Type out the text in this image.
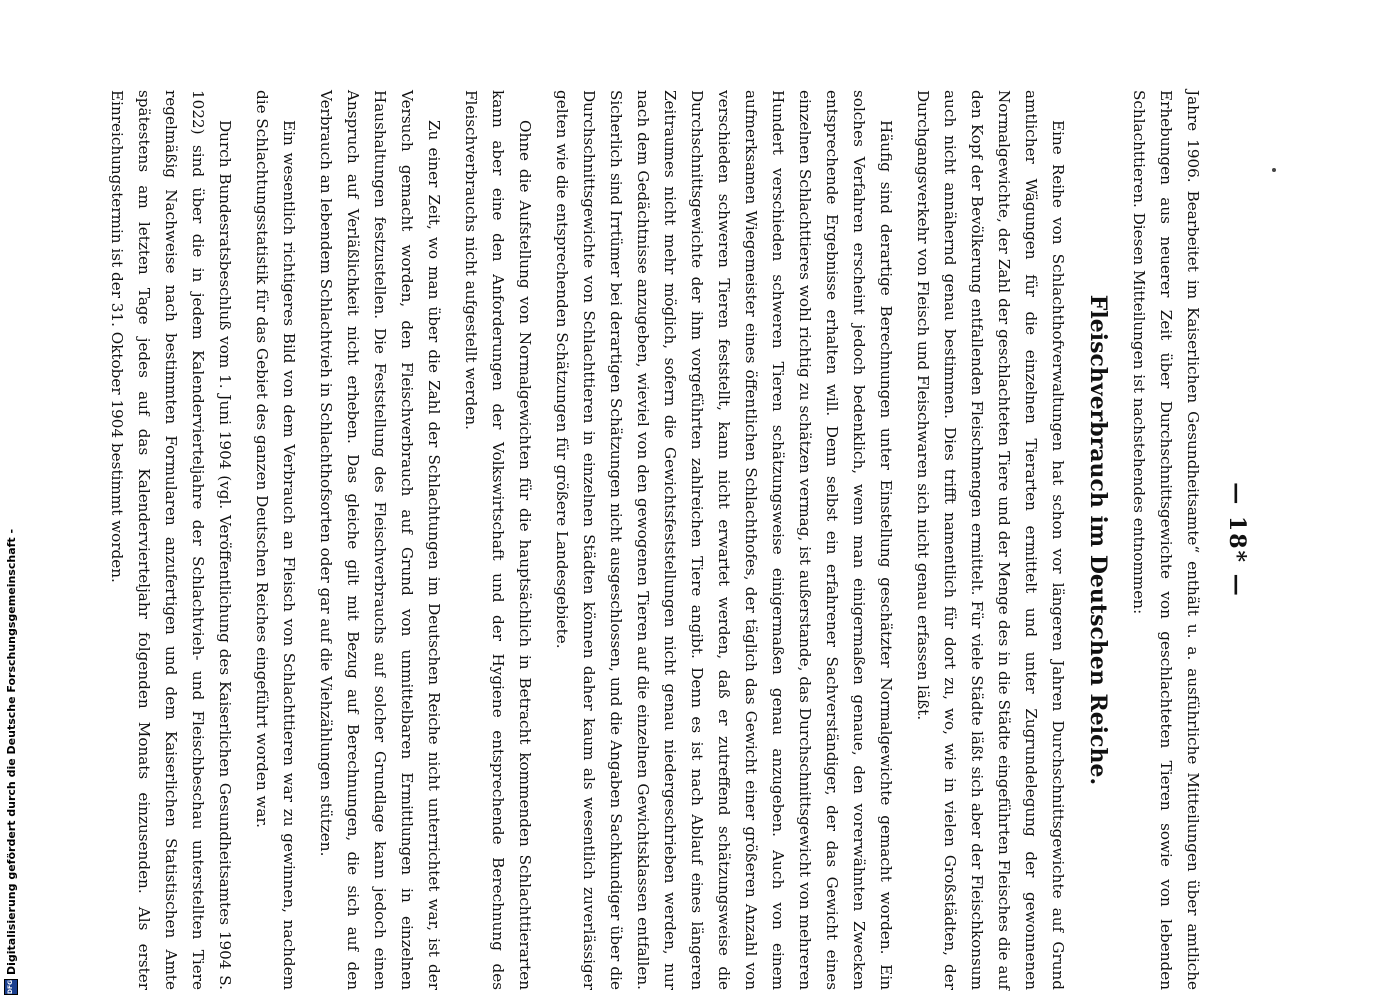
— 18* —

Jahre 1906. Bearbeitet im Kaiserlichen Gesundheitsamte“ enthält u. a. ausführliche Mitteilungen über amtliche Erhebungen aus neuerer Zeit über Durchschnittsgewichte von geschlachteten Tieren sowie von lebenden Schlachttieren. Diesen Mitteilungen ist nachstehendes entnommen:

Fleischverbrauch im Deutschen Reiche.

Eine Reihe von Schlachthofverwaltungen hat schon vor längeren Jahren Durchschnittsgewichte auf Grund amtlicher Wägungen für die einzelnen Tierarten ermittelt und unter Zugrundelegung der gewonnenen Normalgewichte, der Zahl der geschlachteten Tiere und der Menge des in die Städte eingeführten Fleisches die auf den Kopf der Bevölkerung entfallenden Fleischmengen ermittelt. Für viele Städte läßt sich aber der Fleischkonsum auch nicht annähernd genau bestimmen. Dies trifft namentlich für dort zu, wo, wie in vielen Großstädten, der Durchgangsverkehr von Fleisch und Fleischwaren sich nicht genau erfassen läßt.

Häufig sind derartige Berechnungen unter Einstellung geschätzter Normalgewichte gemacht worden. Ein solches Verfahren erscheint jedoch bedenklich, wenn man einigermaßen genaue, den vorerwähnten Zwecken entsprechende Ergebnisse erhalten will. Denn selbst ein erfahrener Sachverständiger, der das Gewicht eines einzelnen Schlachttieres wohl richtig zu schätzen vermag, ist außerstande, das Durchschnittsgewicht von mehreren Hundert verschieden schweren Tieren schätzungsweise einigermaßen genau anzugeben. Auch von einem aufmerksamen Wiegemeister eines öffentlichen Schlachthofes, der täglich das Gewicht einer größeren Anzahl von verschieden schweren Tieren feststellt, kann nicht erwartet werden, daß er zutreffend schätzungsweise die Durchschnittsgewichte der ihm vorgeführten zahlreichen Tiere angibt. Denn es ist nach Ablauf eines längeren Zeitraumes nicht mehr möglich, sofern die Gewichtsfeststellungen nicht genau niedergeschrieben werden, nur nach dem Gedächtnisse anzugeben, wieviel von den gewogenen Tieren auf die einzelnen Gewichtsklassen entfallen. Sicherlich sind Irrtümer bei derartigen Schätzungen nicht ausgeschlossen, und die Angaben Sachkundiger über die Durchschnittsgewichte von Schlachttieren in einzelnen Städten können daher kaum als wesentlich zuverlässiger gelten wie die entsprechenden Schätzungen für größere Landesgebiete.

Ohne die Aufstellung von Normalgewichten für die hauptsächlich in Betracht kommenden Schlachttierarten kann aber eine den Anforderungen der Volkswirtschaft und der Hygiene entsprechende Berechnung des Fleischverbrauchs nicht aufgestellt werden.

Zu einer Zeit, wo man über die Zahl der Schlachtungen im Deutschen Reiche nicht unterrichtet war, ist der Versuch gemacht worden, den Fleischverbrauch auf Grund von unmittelbaren Ermittlungen in einzelnen Haushaltungen festzustellen. Die Feststellung des Fleischverbrauchs auf solcher Grundlage kann jedoch einen Anspruch auf Verläßlichkeit nicht erheben. Das gleiche gilt mit Bezug auf Berechnungen, die sich auf den Verbrauch an lebendem Schlachtvieh in Schlachthofsorten oder gar auf die Viehzählungen stützen.

Ein wesentlich richtigeres Bild von dem Verbrauch an Fleisch von Schlachttieren war zu gewinnen, nachdem die Schlachtungsstatistik für das Gebiet des ganzen Deutschen Reiches eingeführt worden war.

Durch Bundesratsbeschluß vom 1. Juni 1904 (vgl. Veröffentlichung des Kaiserlichen Gesundheitsamtes 1904 S. 1022) sind über die in jedem Kalendervierteljahre der Schlachtvieh- und Fleischbeschau unterstellten Tiere regelmäßig Nachweise nach bestimmten Formularen anzufertigen und dem Kaiserlichen Statistischen Amte spätestens am letzten Tage jedes auf das Kalendervierteljahr folgenden Monats einzusenden. Als erster Einreichungstermin ist der 31. Oktober 1904 bestimmt worden.

DFG
Digitalisierung gefördert durch die Deutsche Forschungsgemeinschaft -
